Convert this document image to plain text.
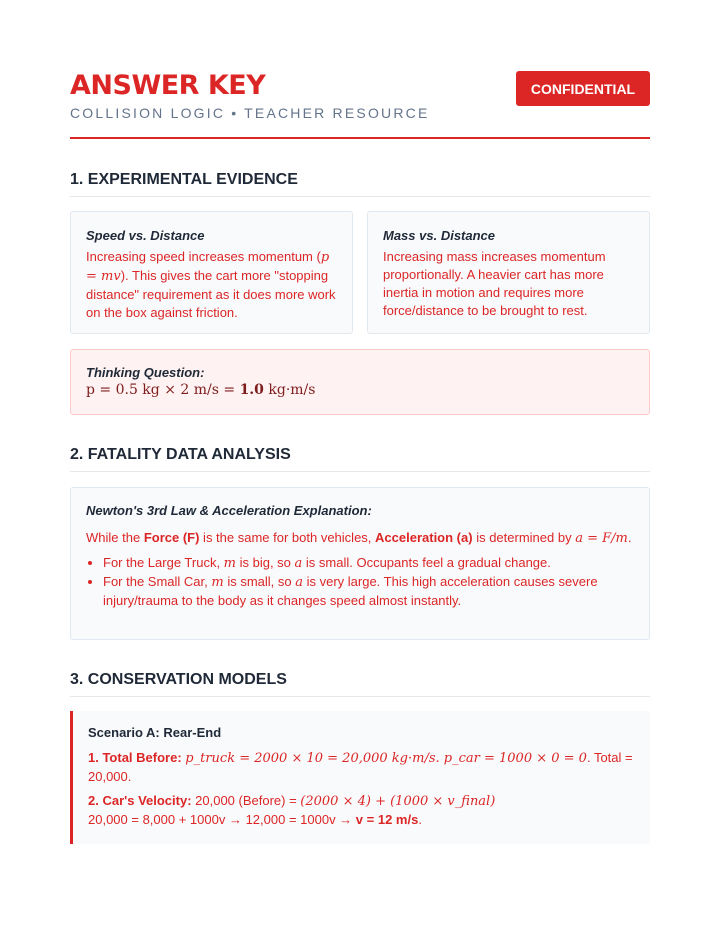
ANSWER KEY
COLLISION LOGIC • TEACHER RESOURCE
CONFIDENTIAL
1. EXPERIMENTAL EVIDENCE
Speed vs. Distance
Increasing speed increases momentum (p = mv). This gives the cart more "stopping distance" requirement as it does more work on the box against friction.
Mass vs. Distance
Increasing mass increases momentum proportionally. A heavier cart has more inertia in motion and requires more force/distance to be brought to rest.
Thinking Question:
p = 0.5 kg × 2 m/s = 1.0 kg·m/s
2. FATALITY DATA ANALYSIS
Newton's 3rd Law & Acceleration Explanation:
While the Force (F) is the same for both vehicles, Acceleration (a) is determined by a = F/m.
• For the Large Truck, m is big, so a is small. Occupants feel a gradual change.
• For the Small Car, m is small, so a is very large. This high acceleration causes severe injury/trauma to the body as it changes speed almost instantly.
3. CONSERVATION MODELS
Scenario A: Rear-End
1. Total Before: p_truck = 2000 × 10 = 20,000 kg·m/s. p_car = 1000 × 0 = 0. Total = 20,000.
2. Car's Velocity: 20,000 (Before) = (2000 × 4) + (1000 × v_final)
20,000 = 8,000 + 1000v → 12,000 = 1000v → v = 12 m/s.
